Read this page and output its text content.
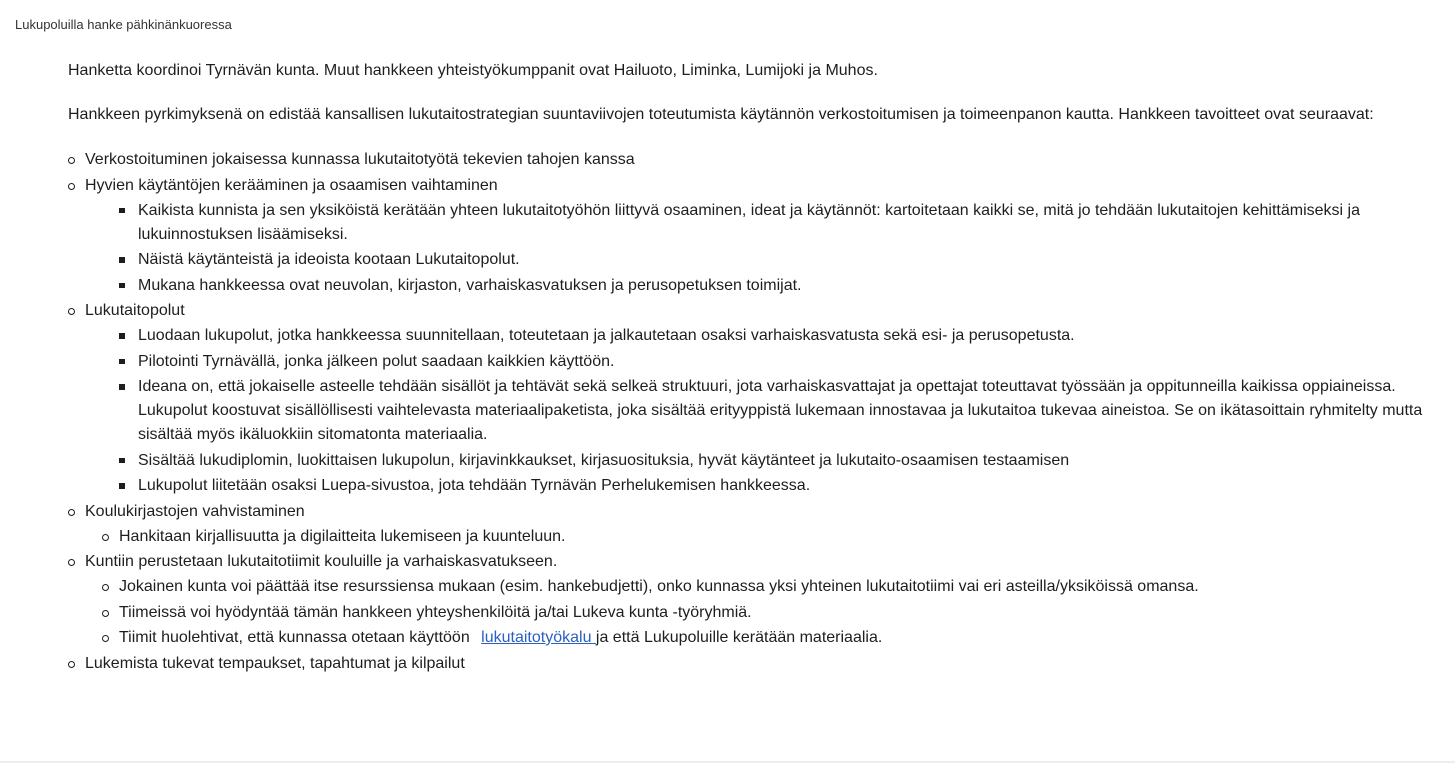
Lukupoluilla hanke pähkinänkuoressa

Hanketta koordinoi Tyrnävän kunta. Muut hankkeen yhteistyökumppanit ovat Hailuoto, Liminka, Lumijoki ja Muhos.

Hankkeen pyrkimyksenä on edistää kansallisen lukutaitostrategian suuntaviivojen toteutumista käytännön verkostoitumisen ja toimeenpanon kautta. Hankkeen tavoitteet ovat seuraavat:

Verkostoituminen jokaisessa kunnassa lukutaitotyötä tekevien tahojen kanssa
Hyvien käytäntöjen kerääminen ja osaamisen vaihtaminen
Kaikista kunnista ja sen yksiköistä kerätään yhteen lukutaitotyöhön liittyvä osaaminen, ideat ja käytännöt: kartoitetaan kaikki se, mitä jo tehdään lukutaitojen kehittämiseksi ja lukuinnostuksen lisäämiseksi.
Näistä käytänteistä ja ideoista kootaan Lukutaitopolut.
Mukana hankkeessa ovat neuvolan, kirjaston, varhaiskasvatuksen ja perusopetuksen toimijat.
Lukutaitopolut
Luodaan lukupolut, jotka hankkeessa suunnitellaan, toteutetaan ja jalkautetaan osaksi varhaiskasvatusta sekä esi- ja perusopetusta.
Pilotointi Tyrnävällä, jonka jälkeen polut saadaan kaikkien käyttöön.
Ideana on, että jokaiselle asteelle tehdään sisällöt ja tehtävät sekä selkeä struktuuri, jota varhaiskasvattajat ja opettajat toteuttavat työssään ja oppitunneilla kaikissa oppiaineissa. Lukupolut koostuvat sisällöllisesti vaihtelevasta materiaalipaketista, joka sisältää erityyppistä lukemaan innostavaa ja lukutaitoa tukevaa aineistoa. Se on ikätasoittain ryhmitelty mutta sisältää myös ikäluokkiin sitomatonta materiaalia.
Sisältää lukudiplomin, luokittaisen lukupolun, kirjavinkkaukset, kirjasuosituksia, hyvät käytänteet ja lukutaito-osaamisen testaamisen
Lukupolut liitetään osaksi Luepa-sivustoa, jota tehdään Tyrnävän Perhelukemisen hankkeessa.
Koulukirjastojen vahvistaminen
Hankitaan kirjallisuutta ja digilaitteita lukemiseen ja kuunteluun.
Kuntiin perustetaan lukutaitotiimit kouluille ja varhaiskasvatukseen.
Jokainen kunta voi päättää itse resurssiensa mukaan (esim. hankebudjetti), onko kunnassa yksi yhteinen lukutaitotiimi vai eri asteilla/yksiköissä omansa.
Tiimeissä voi hyödyntää tämän hankkeen yhteyshenkilöitä ja/tai Lukeva kunta -työryhmiä.
Tiimit huolehtivat, että kunnassa otetaan käyttöön lukutaitotyökalu ja että Lukupoluille kerätään materiaalia.
Lukemista tukevat tempaukset, tapahtumat ja kilpailut
